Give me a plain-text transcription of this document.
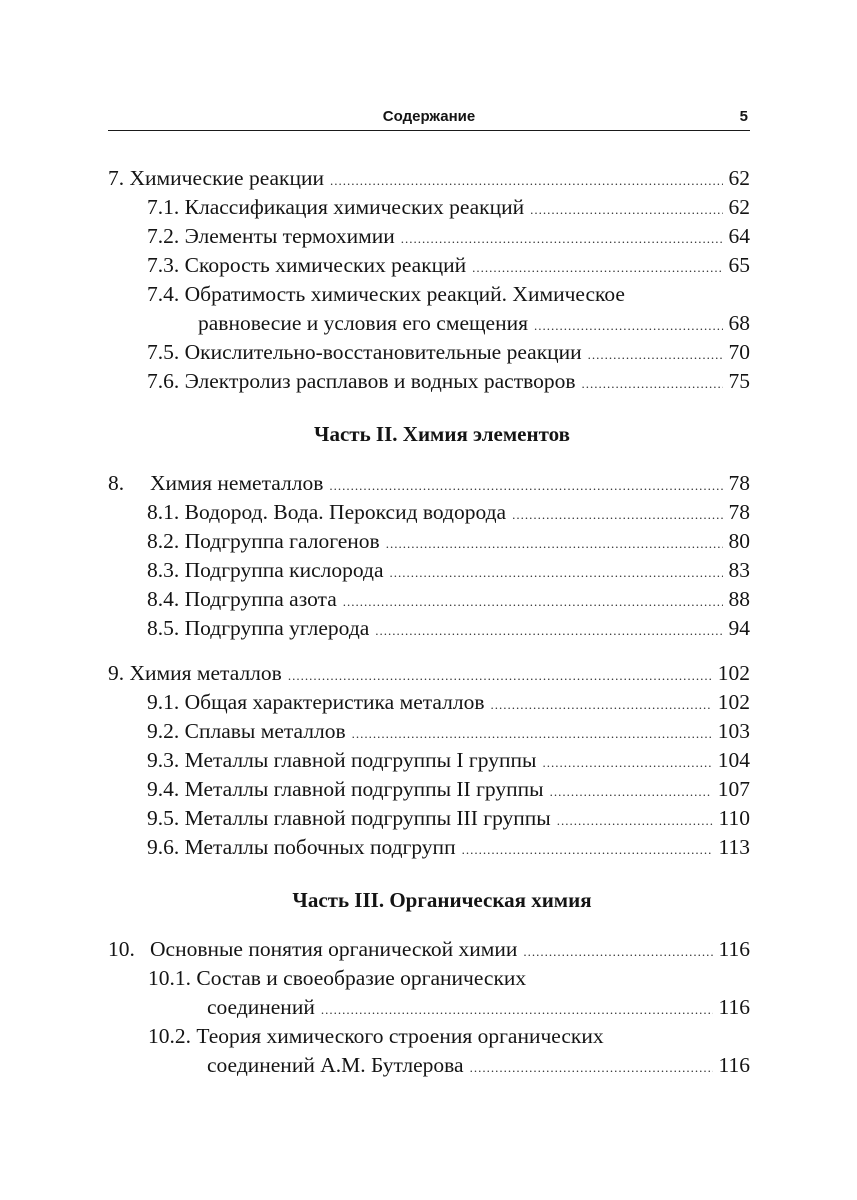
Содержание	5
7. Химические реакции .....	62
7.1. Классификация химических реакций .....	62
7.2. Элементы термохимии .....	64
7.3. Скорость химических реакций .....	65
7.4. Обратимость химических реакций. Химическое
равновесие и условия его смещения .....	68
7.5. Окислительно-восстановительные реакции .....	70
7.6. Электролиз расплавов и водных растворов .....	75
Часть II. Химия элементов
8.	Химия неметаллов .....	78
8.1. Водород. Вода. Пероксид водорода .....	78
8.2. Подгруппа галогенов .....	80
8.3. Подгруппа кислорода .....	83
8.4. Подгруппа азота .....	88
8.5. Подгруппа углерода .....	94
9. Химия металлов .....	102
9.1. Общая характеристика металлов .....	102
9.2. Сплавы металлов .....	103
9.3. Металлы главной подгруппы I группы .....	104
9.4. Металлы главной подгруппы II группы .....	107
9.5. Металлы главной подгруппы III группы .....	110
9.6. Металлы побочных подгрупп .....	113
Часть III. Органическая химия
10. Основные понятия органической химии .....	116
10.1. Состав и своеобразие органических
соединений .....	116
10.2. Теория химического строения органических
соединений А.М. Бутлерова .....	116
